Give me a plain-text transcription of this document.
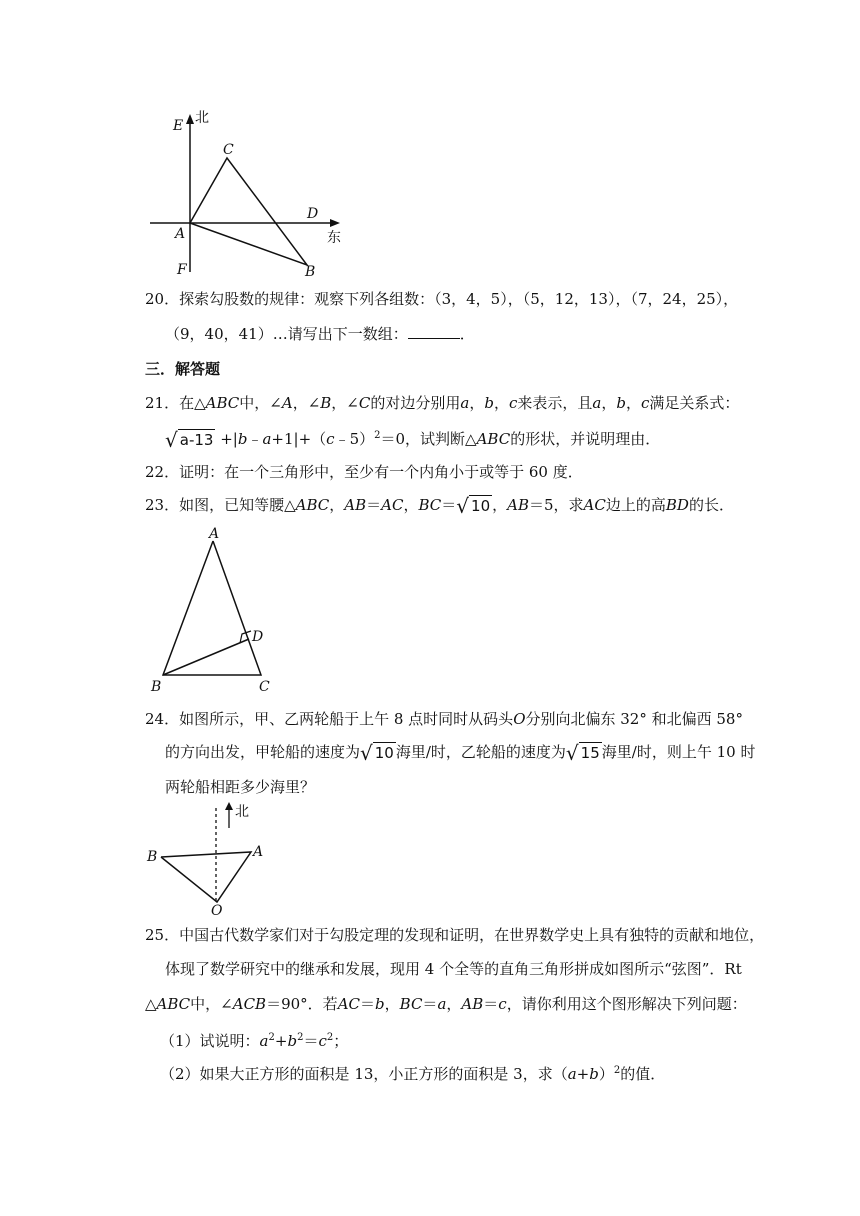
E 北
C
D
A	东
F	B
20．探索勾股数的规律：观察下列各组数：（3，4，5），（5，12，13），（7，24，25），
（9，40，41）…请写出下一数组：	．
三．解答题
21．在△ABC中，∠A，∠B，∠C的对边分别用a，b，c来表示，且a，b，c满足关系式：
√ a-13 +|b﹣a+1|+（c﹣5）$^2$＝0，试判断△ABC的形状，并说明理由．
22．证明：在一个三角形中，至少有一个内角小于或等于 60 度．
23．如图，已知等腰△ABC，AB＝AC，BC＝ √ 10 ，AB＝5，求AC边上的高BD的长．
A
D
B	C
24．如图所示，甲、乙两轮船于上午 8 点时同时从码头O分别向北偏东 32° 和北偏西 58°
的方向出发，甲轮船的速度为 √ 10 海里/时，乙轮船的速度为 √ 15 海里/时，则上午 10 时
两轮船相距多少海里？
北
B	A
O
25．中国古代数学家们对于勾股定理的发现和证明，在世界数学史上具有独特的贡献和地位，
体现了数学研究中的继承和发展，现用 4 个全等的直角三角形拼成如图所示“弦图”．Rt
△ABC中，∠ACB＝90°．若AC＝b，BC＝a，AB＝c，请你利用这个图形解决下列问题：
（1）试说明：$a^2+b^2=c^2$；
（2）如果大正方形的面积是 13，小正方形的面积是 3，求$(a+b)^2$的值．
